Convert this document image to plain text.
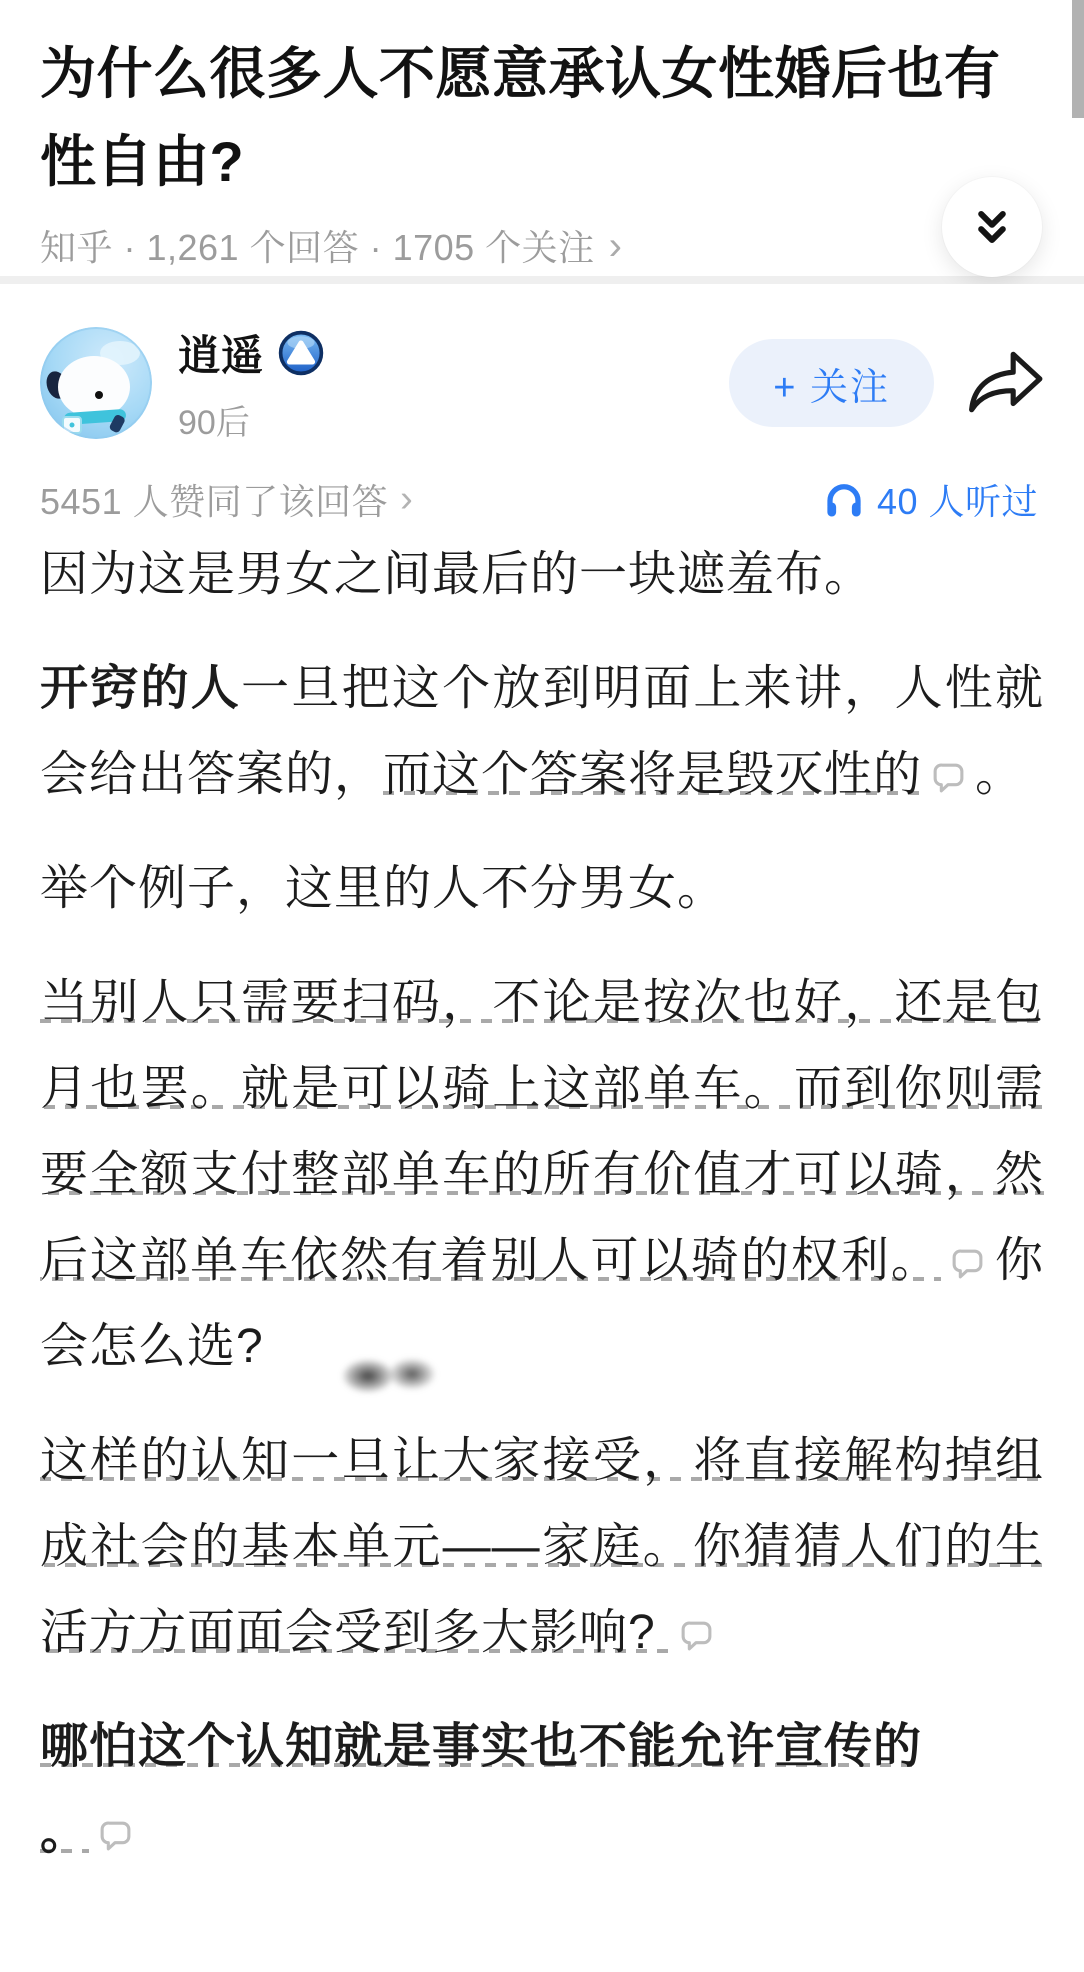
为什么很多人不愿意承认女性婚后也有性自由?
知乎 · 1,261 个回答 · 1705 个关注 ›
逍遥
90后
+ 关注
5451 人赞同了该回答 ›	40 人听过

因为这是男女之间最后的一块遮羞布。

开窍的人一旦把这个放到明面上来讲，人性就会给出答案的，而这个答案将是毁灭性的 。

举个例子，这里的人不分男女。

当别人只需要扫码，不论是按次也好，还是包月也罢。就是可以骑上这部单车。而到你则需要全额支付整部单车的所有价值才可以骑，然后这部单车依然有着别人可以骑的权利。 你会怎么选?

这样的认知一旦让大家接受，将直接解构掉组成社会的基本单元——家庭。你猜猜人们的生活方方面面会受到多大影响?

哪怕这个认知就是事实也不能允许宣传的
。
